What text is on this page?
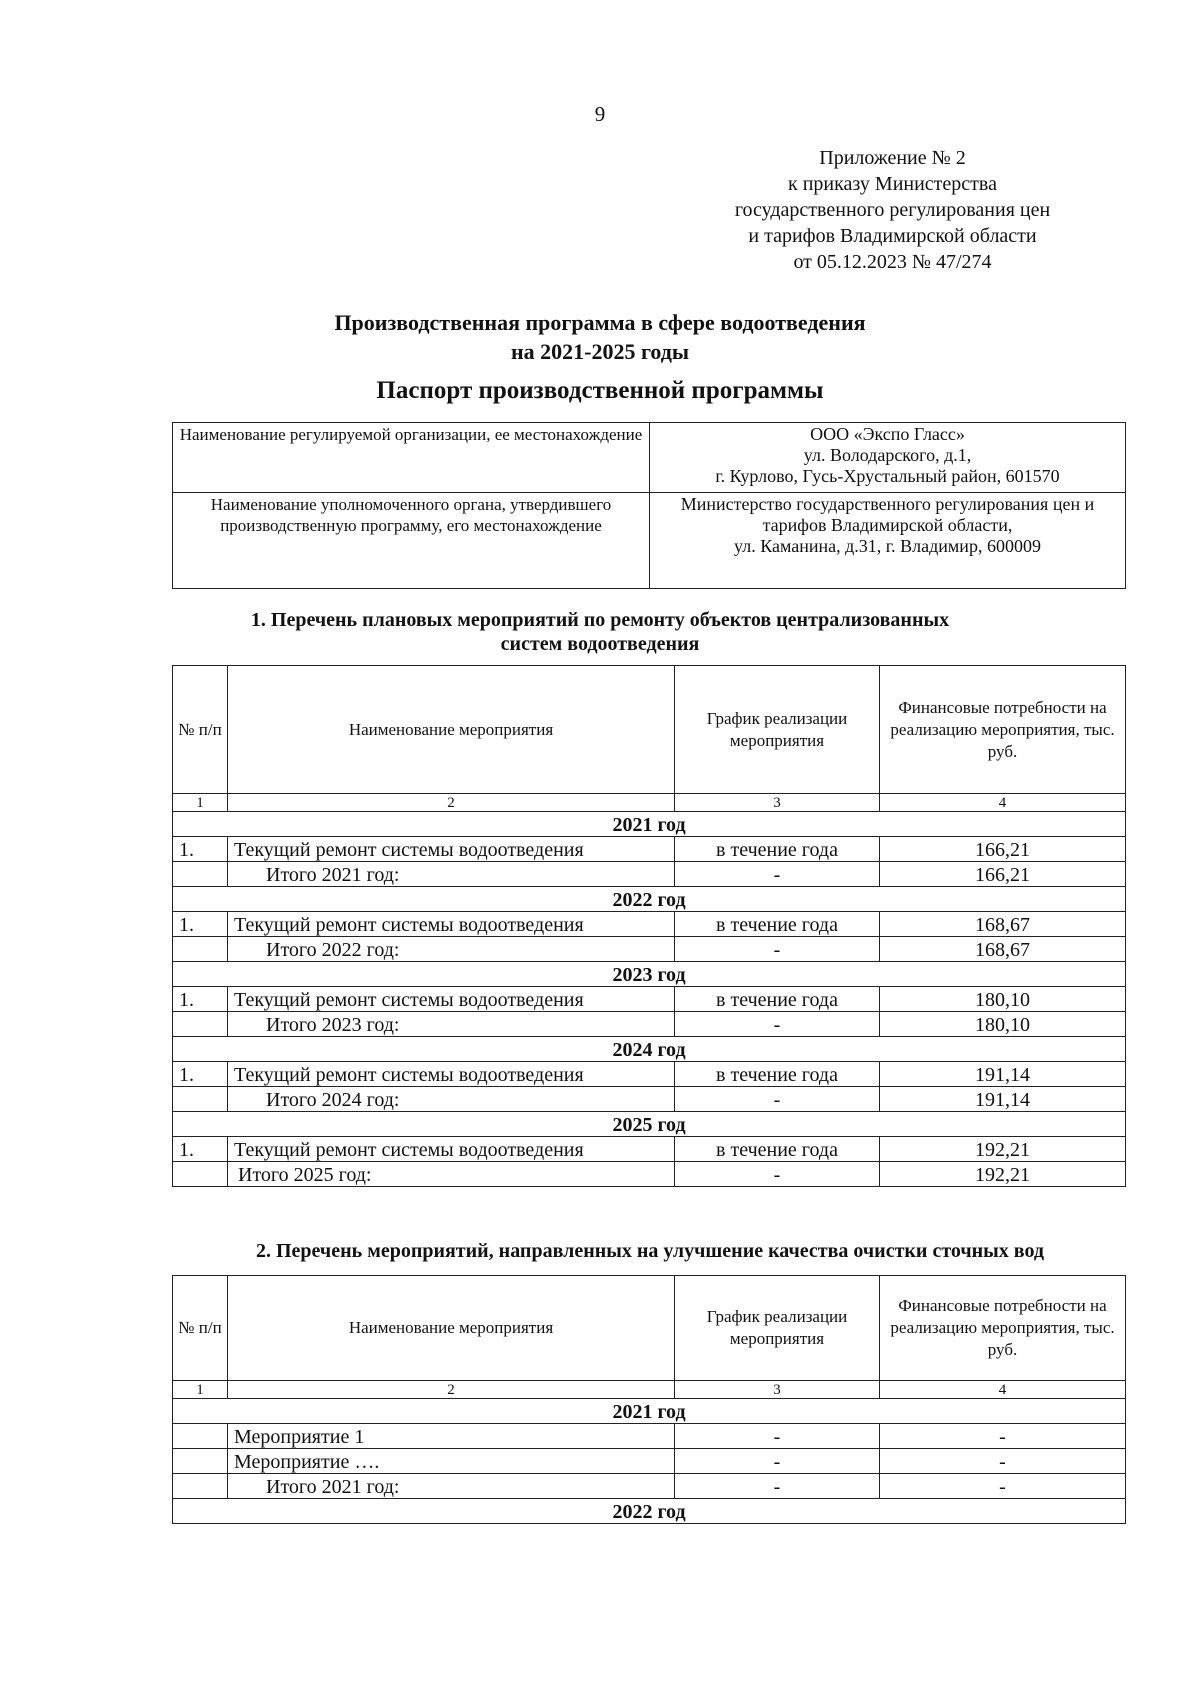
9
Приложение № 2
к приказу Министерства
государственного регулирования цен
и тарифов Владимирской области
от 05.12.2023 № 47/274
Производственная программа в сфере водоотведения
на 2021-2025 годы
Паспорт производственной программы
Наименование регулируемой организации, ее местонахождение	ООО «Экспо Гласс»
ул. Володарского, д.1,
г. Курлово, Гусь-Хрустальный район, 601570

Наименование уполномоченного органа, утвердившего производственную программу, его местонахождение	Министерство государственного регулирования цен и тарифов Владимирской области,
ул. Каманина, д.31, г. Владимир, 600009
1. Перечень плановых мероприятий по ремонту объектов централизованных
систем водоотведения
№ п/п	Наименование мероприятия	График реализации мероприятия	Финансовые потребности на реализацию мероприятия, тыс. руб.
1	2	3	4
2021 год			
1.	Текущий ремонт системы водоотведения	в течение года	166,21
	Итого 2021 год:	-	166,21
2022 год			
1.	Текущий ремонт системы водоотведения	в течение года	168,67
	Итого 2022 год:	-	168,67
2023 год			
1.	Текущий ремонт системы водоотведения	в течение года	180,10
	Итого 2023 год:	-	180,10
2024 год			
1.	Текущий ремонт системы водоотведения	в течение года	191,14
	Итого 2024 год:	-	191,14
2025 год			
1.	Текущий ремонт системы водоотведения	в течение года	192,21
	Итого 2025 год:	-	192,21
2. Перечень мероприятий, направленных на улучшение качества очистки сточных вод
№ п/п	Наименование мероприятия	График реализации мероприятия	Финансовые потребности на реализацию мероприятия, тыс. руб.
1	2	3	4
2021 год			
	Мероприятие 1	-	-
	Мероприятие ….	-	-
	Итого 2021 год:	-	-
2022 год			
